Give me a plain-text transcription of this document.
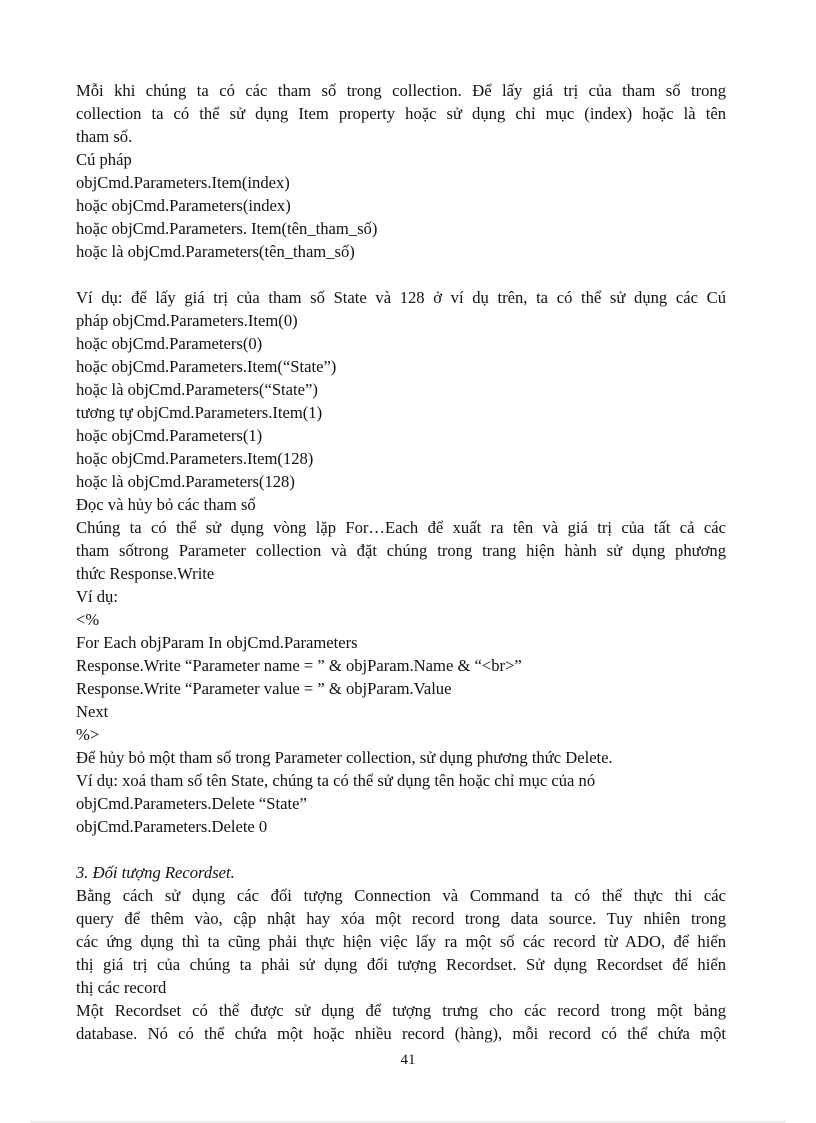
Mỗi khi chúng ta có các tham số trong collection. Để lấy giá trị của tham số trong
collection ta có thể sử dụng Item property hoặc sử dụng chỉ mục (index) hoặc là tên
tham số.
Cú pháp
objCmd.Parameters.Item(index)
hoặc objCmd.Parameters(index)
hoặc objCmd.Parameters. Item(tên_tham_số)
hoặc là objCmd.Parameters(tên_tham_số)
Ví dụ: để lấy giá trị của tham số State và 128 ở ví dụ trên, ta có thể sử dụng các Cú
pháp objCmd.Parameters.Item(0)
hoặc objCmd.Parameters(0)
hoặc objCmd.Parameters.Item(“State”)
hoặc là objCmd.Parameters(“State”)
tương tự objCmd.Parameters.Item(1)
hoặc objCmd.Parameters(1)
hoặc objCmd.Parameters.Item(128)
hoặc là objCmd.Parameters(128)
Đọc và hủy bỏ các tham số
Chúng ta có thể sử dụng vòng lặp For…Each để xuất ra tên và giá trị của tất cả các
tham sốtrong Parameter collection và đặt chúng trong trang hiện hành sử dụng phương
thức Response.Write
Ví dụ:
<%
For Each objParam In objCmd.Parameters
Response.Write “Parameter name = ” & objParam.Name & “<br>”
Response.Write “Parameter value = ” & objParam.Value
Next
%>
Để hủy bỏ một tham số trong Parameter collection, sử dụng phương thức Delete.
Ví dụ: xoá tham số tên State, chúng ta có thể sử dụng tên hoặc chỉ mục của nó
objCmd.Parameters.Delete “State”
objCmd.Parameters.Delete 0
3. Đối tượng Recordset.
Bằng cách sử dụng các đối tượng Connection và Command ta có thể thực thi các
query để thêm vào, cập nhật hay xóa một record trong data source. Tuy nhiên trong
các ứng dụng thì ta cũng phải thực hiện việc lấy ra một số các record từ ADO, để hiển
thị giá trị của chúng ta phải sử dụng đối tượng Recordset. Sử dụng Recordset để hiển
thị các record
Một Recordset có thể được sử dụng để tượng trưng cho các record trong một bảng
database. Nó có thể chứa một hoặc nhiều record (hàng), mỗi record có thể chứa một
41
